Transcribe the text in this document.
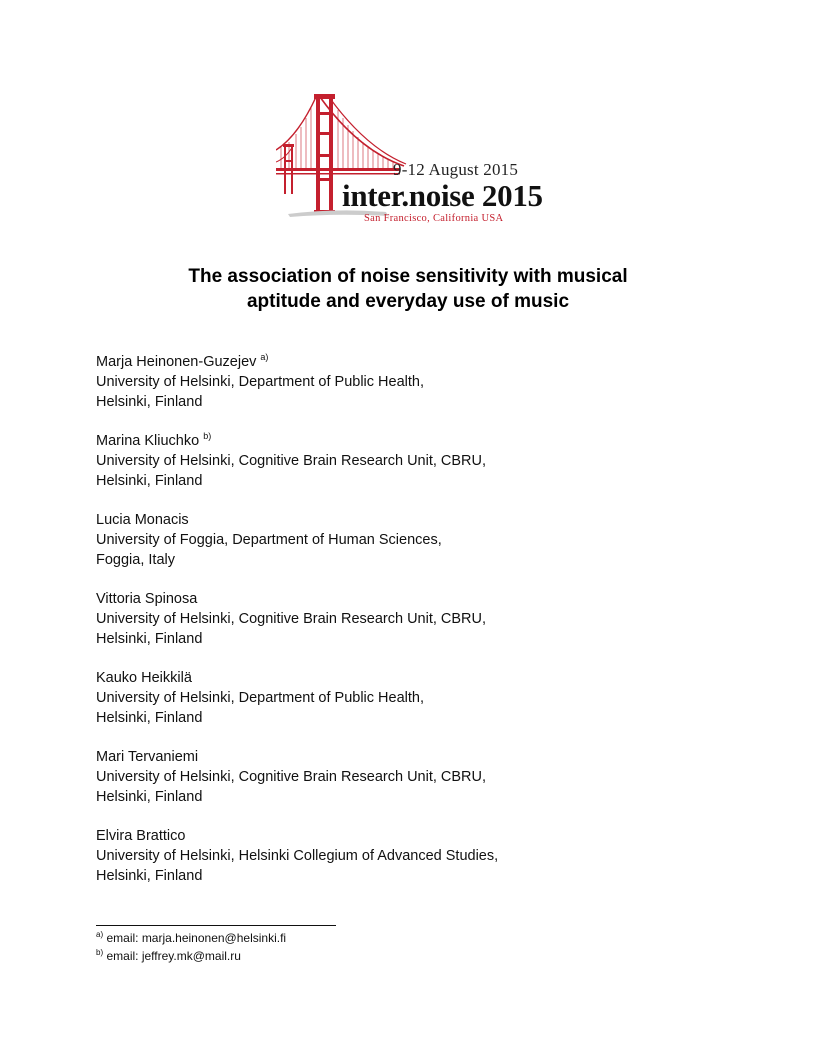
9-12 August 2015
inter.noise 2015
San Francisco, California USA
The association of noise sensitivity with musical
aptitude and everyday use of music
Marja Heinonen-Guzejev $^{a)}$
University of Helsinki, Department of Public Health,
Helsinki, Finland
Marina Kliuchko $^{b)}$
University of Helsinki, Cognitive Brain Research Unit, CBRU,
Helsinki, Finland
Lucia Monacis
University of Foggia, Department of Human Sciences,
Foggia, Italy
Vittoria Spinosa
University of Helsinki, Cognitive Brain Research Unit, CBRU,
Helsinki, Finland
Kauko Heikkilä
University of Helsinki, Department of Public Health,
Helsinki, Finland
Mari Tervaniemi
University of Helsinki, Cognitive Brain Research Unit, CBRU,
Helsinki, Finland
Elvira Brattico
University of Helsinki, Helsinki Collegium of Advanced Studies,
Helsinki, Finland
$^{a)}$ email: marja.heinonen@helsinki.fi
$^{b)}$ email: jeffrey.mk@mail.ru
